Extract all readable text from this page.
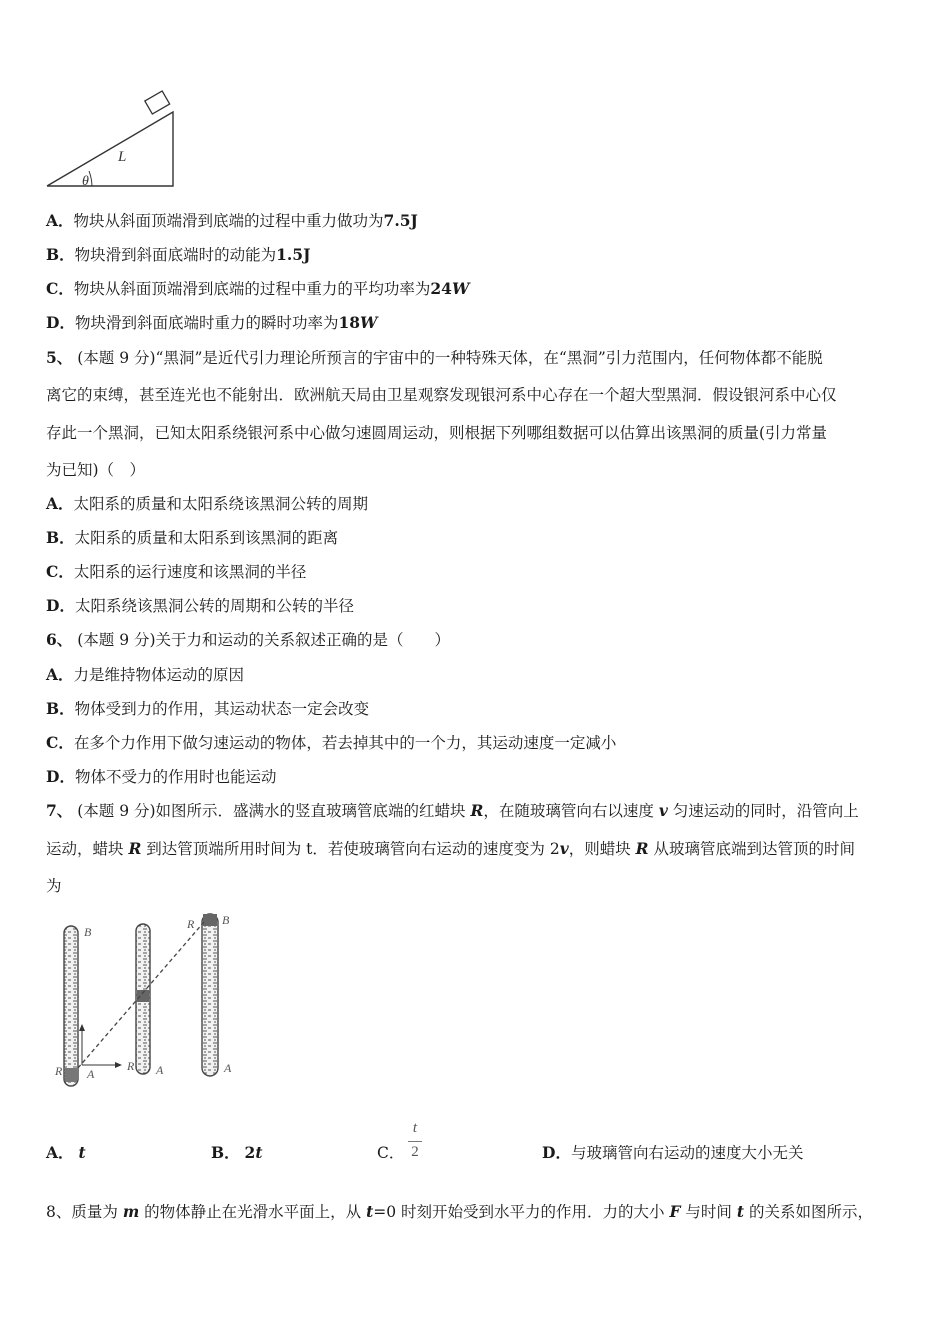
L
θ
A．物块从斜面顶端滑到底端的过程中重力做功为7.5J
B．物块滑到斜面底端时的动能为1.5J
C．物块从斜面顶端滑到底端的过程中重力的平均功率为24W
D．物块滑到斜面底端时重力的瞬时功率为18W
5、 (本题 9 分)“黑洞”是近代引力理论所预言的宇宙中的一种特殊天体，在“黑洞”引力范围内，任何物体都不能脱
离它的束缚，甚至连光也不能射出．欧洲航天局由卫星观察发现银河系中心存在一个超大型黑洞．假设银河系中心仅
存此一个黑洞，已知太阳系绕银河系中心做匀速圆周运动，则根据下列哪组数据可以估算出该黑洞的质量(引力常量
为已知)（　）
A．太阳系的质量和太阳系绕该黑洞公转的周期
B．太阳系的质量和太阳系到该黑洞的距离
C．太阳系的运行速度和该黑洞的半径
D．太阳系绕该黑洞公转的周期和公转的半径
6、 (本题 9 分)关于力和运动的关系叙述正确的是（　　）
A．力是维持物体运动的原因
B．物体受到力的作用，其运动状态一定会改变
C．在多个力作用下做匀速运动的物体，若去掉其中的一个力，其运动速度一定减小
D．物体不受力的作用时也能运动
7、 (本题 9 分)如图所示．盛满水的竖直玻璃管底端的红蜡块 R，在随玻璃管向右以速度 v 匀速运动的同时，沿管向上
运动，蜡块 R 到达管顶端所用时间为 t．若使玻璃管向右运动的速度变为 2v，则蜡块 R 从玻璃管底端到达管顶的时间
为
B
R A
R A
R B
A
A． t	B． 2t	C．
t
2	D．与玻璃管向右运动的速度大小无关
8、质量为 m 的物体静止在光滑水平面上，从 t=0 时刻开始受到水平力的作用．力的大小 F 与时间 t 的关系如图所示，
